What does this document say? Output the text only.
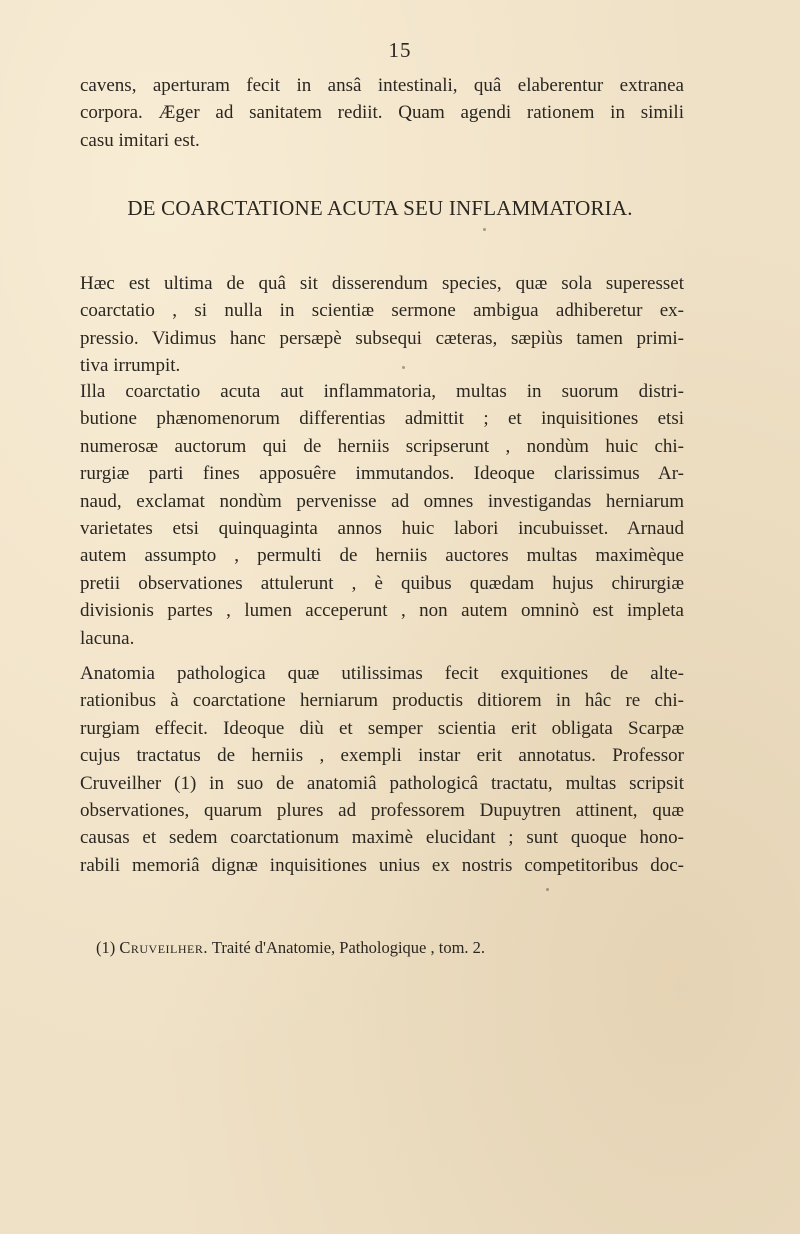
15
cavens, aperturam fecit in ansâ intestinali, quâ elaberentur extranea
corpora. Æger ad sanitatem rediit. Quam agendi rationem in simili
casu imitari est.
DE COARCTATIONE ACUTA SEU INFLAMMATORIA.
Hæc est ultima de quâ sit disserendum species, quæ sola superesset
coarctatio , si nulla in scientiæ sermone ambigua adhiberetur ex-
pressio. Vidimus hanc persæpè subsequi cæteras, sæpiùs tamen primi-
tiva irrumpit.
Illa coarctatio acuta aut inflammatoria, multas in suorum distri-
butione phænomenorum differentias admittit ; et inquisitiones etsi
numerosæ auctorum qui de herniis scripserunt , nondùm huic chi-
rurgiæ parti fines apposuêre immutandos. Ideoque clarissimus Ar-
naud, exclamat nondùm pervenisse ad omnes investigandas herniarum
varietates etsi quinquaginta annos huic labori incubuisset. Arnaud
autem assumpto , permulti de herniis auctores multas maximèque
pretii observationes attulerunt , è quibus quædam hujus chirurgiæ
divisionis partes , lumen acceperunt , non autem omninò est impleta
lacuna.
Anatomia pathologica quæ utilissimas fecit exquitiones de alte-
rationibus à coarctatione herniarum productis ditiorem in hâc re chi-
rurgiam effecit. Ideoque diù et semper scientia erit obligata Scarpæ
cujus tractatus de herniis , exempli instar erit annotatus. Professor
Cruveilher (1) in suo de anatomiâ pathologicâ tractatu, multas scripsit
observationes, quarum plures ad professorem Dupuytren attinent, quæ
causas et sedem coarctationum maximè elucidant ; sunt quoque hono-
rabili memoriâ dignæ inquisitiones unius ex nostris competitoribus doc-
(1) Cruveilher. Traité d'Anatomie, Pathologique , tom. 2.
